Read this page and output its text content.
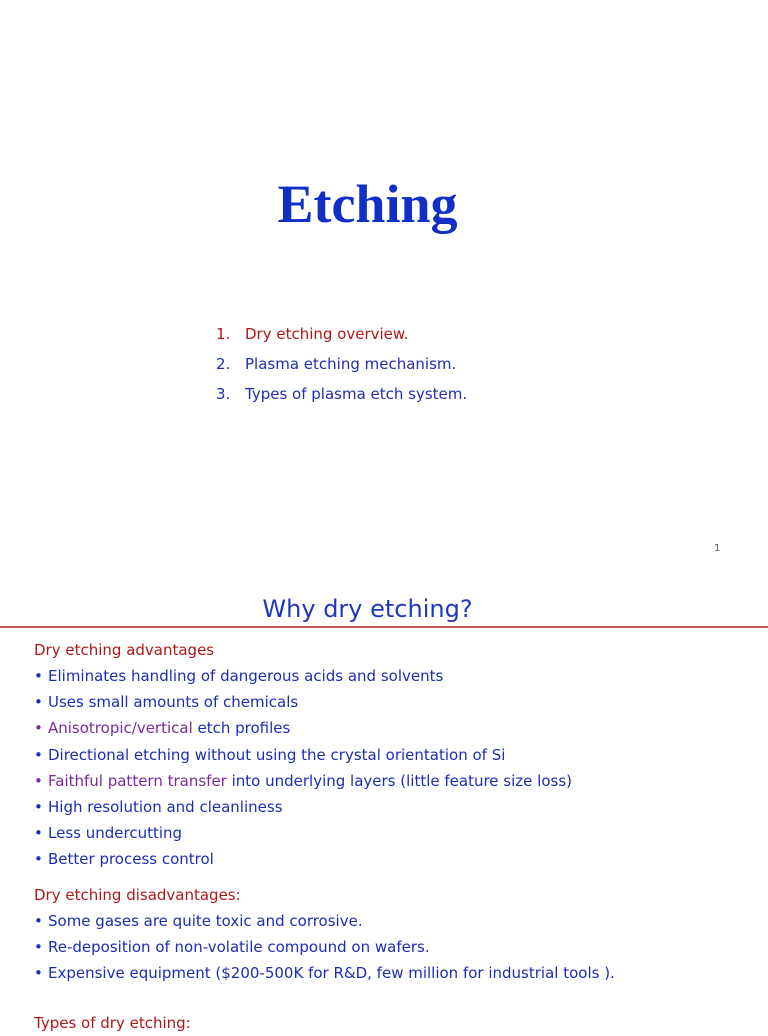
Etching
1. Dry etching overview.
2. Plasma etching mechanism.
3. Types of plasma etch system.
1
Why dry etching?
Dry etching advantages
• Eliminates handling of dangerous acids and solvents
• Uses small amounts of chemicals
• Anisotropic/vertical etch profiles
• Directional etching without using the crystal orientation of Si
• Faithful pattern transfer into underlying layers (little feature size loss)
• High resolution and cleanliness
• Less undercutting
• Better process control
Dry etching disadvantages:
• Some gases are quite toxic and corrosive.
• Re-deposition of non-volatile compound on wafers.
• Expensive equipment ($200-500K for R&D, few million for industrial tools ).
Types of dry etching:
